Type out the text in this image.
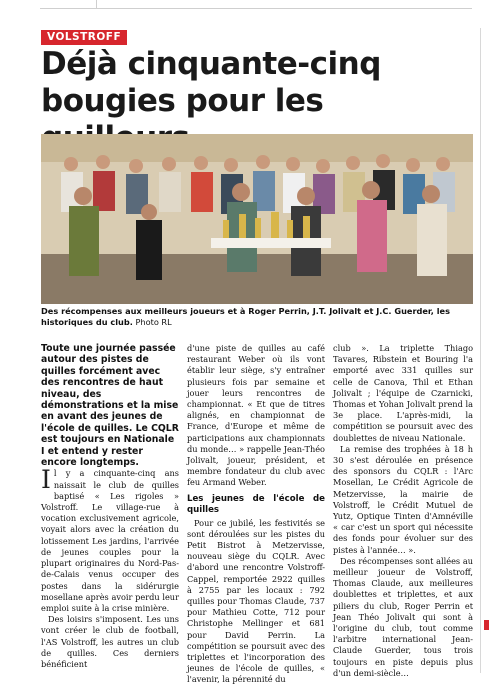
VOLSTROFF
Déjà cinquante-cinq bougies pour les

Des récompenses aux meilleurs joueurs et à Roger Perrin, J.T. Jolivalt et J.C. Guerder, les historiques du club. Photo RL

Toute une journée passée autour des pistes de quilles forcément avec des rencontres de haut niveau, des démonstrations et la mise en avant des jeunes de l'école de quilles. Le CQLR est toujours en Nationale I et entend y rester encore longtemps.

Il y a cinquante-cinq ans naissait le club de quilles baptisé « Les rigoles » Volstroff. Le village-rue à vocation exclusivement agricole, voyait alors avec la création du lotissement Les jardins, l'arrivée de jeunes couples pour la plupart originaires du Nord-Pas-de-Calais venus occuper des postes dans la sidérurgie mosellane après avoir perdu leur emploi suite à la crise minière.

Des loisirs s'imposent. Les uns vont créer le club de football, l'AS Volstroff, les autres un club de quilles. Ces derniers bénéficient

d'une piste de quilles au café restaurant Weber où ils vont établir leur siège, s'y entraîner plusieurs fois par semaine et jouer leurs rencontres de championnat. « Et que de titres alignés, en championnat de France, d'Europe et même de participations aux championnats du monde… » rappelle Jean-Théo Jolivalt, joueur, président, et membre fondateur du club avec feu Armand Weber.

Les jeunes de l'école de quilles

Pour ce jubilé, les festivités se sont déroulées sur les pistes du Petit Bistrot à Metzervisse, nouveau siège du CQLR. Avec d'abord une rencontre Volstroff-Cappel, remportée 2922 quilles à 2755 par les locaux : 792 quilles pour Thomas Claude, 737 pour Mathieu Cotte, 712 pour Christophe Mellinger et 681 pour David Perrin. La compétition se poursuit avec des triplettes et l'incorporation des jeunes de l'école de quilles, « l'avenir, la pérennité du

club ». La triplette Thiago Tavares, Ribstein et Bouring l'a emporté avec 331 quilles sur celle de Canova, Thil et Ethan Jolivalt ; l'équipe de Czarnicki, Thomas et Yohan Jolivalt prend la 3e place. L'après-midi, la compétition se poursuit avec des doublettes de niveau Nationale.

La remise des trophées à 18 h 30 s'est déroulée en présence des sponsors du CQLR : l'Arc Mosellan, Le Crédit Agricole de Metzervisse, la mairie de Volstroff, le Crédit Mutuel de Yutz, Optique Tinten d'Amnéville « car c'est un sport qui nécessite des fonds pour évoluer sur des pistes à l'année… ».

Des récompenses sont allées au meilleur joueur de Volstroff, Thomas Claude, aux meilleures doublettes et triplettes, et aux piliers du club, Roger Perrin et Jean Théo Jolivalt qui sont à l'origine du club, tout comme l'arbitre international Jean-Claude Guerder, tous trois toujours en piste depuis plus d'un demi-siècle…
